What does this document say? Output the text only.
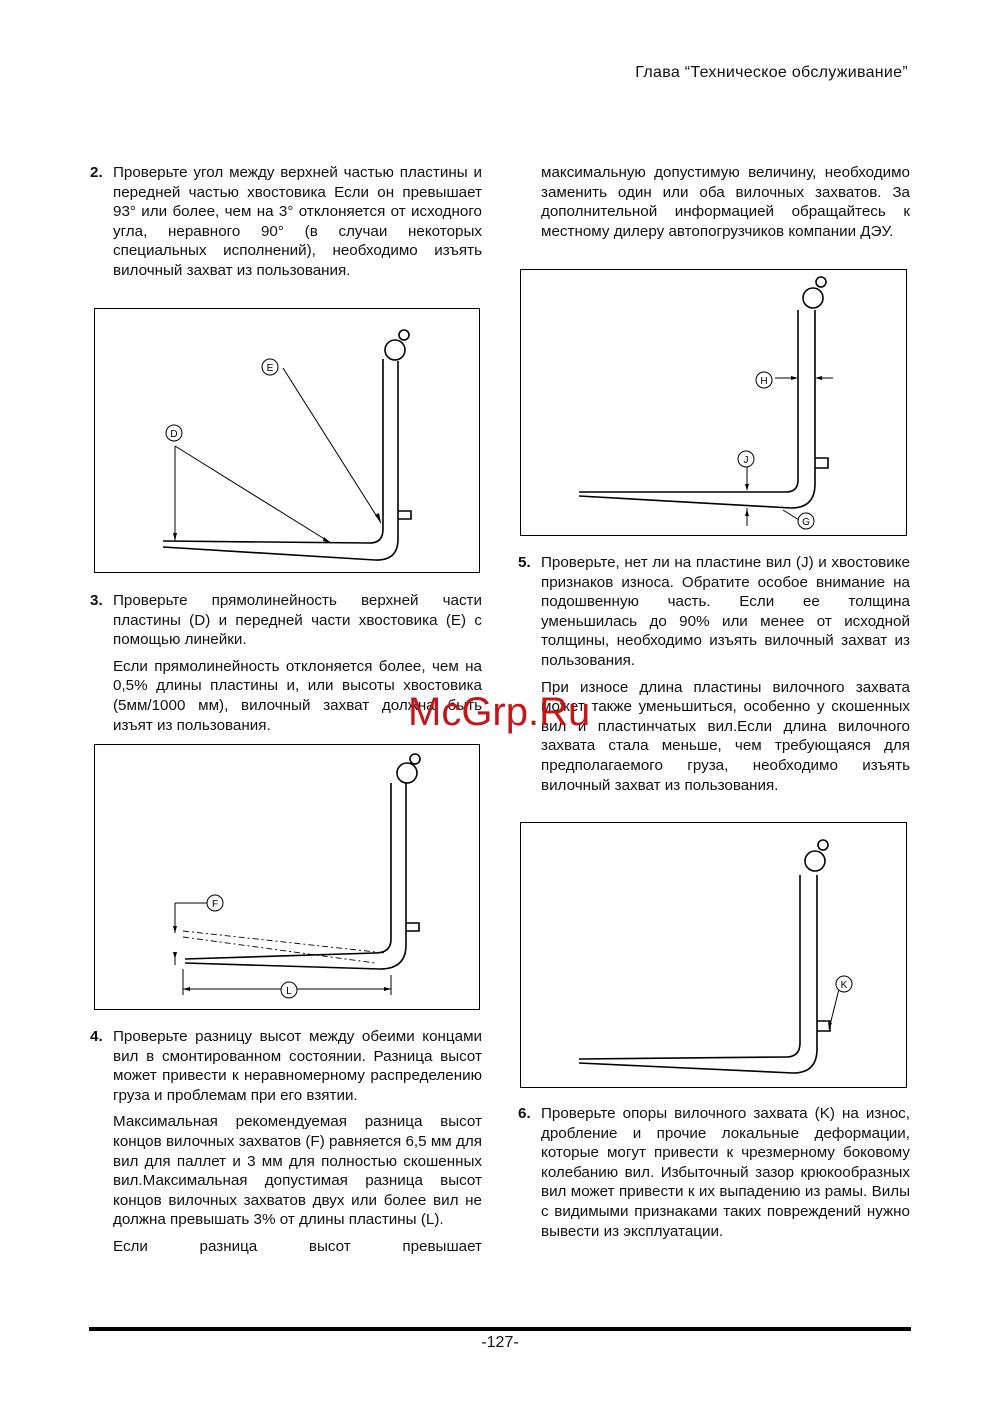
Глава “Техническое обслуживание”
2. Проверьте угол между верхней частью пластины и передней частью хвостовика Если он превышает 93° или более, чем на 3° отклоняется от исходного угла, неравного 90° (в случаи некоторых специальных исполнений), необходимо изъять вилочный захват из пользования.

E
D
3. Проверьте прямолинейность верхней части пластины (D) и передней части хвостовика (E) с помощью линейки.

Если прямолинейность отклоняется более, чем на 0,5% длины пластины и, или высоты хвостовика (5мм/1000 мм), вилочный захват должна быть изъят из пользования.

F
L
4. Проверьте разницу высот между обеими концами вил в смонтированном состоянии. Разница высот может привести к неравномерному распределению груза и проблемам при его взятии.

Максимальная рекомендуемая разница высот концов вилочных захватов (F) равняется 6,5 мм для вил для паллет и 3 мм для полностью скошенных вил.Максимальная допустимая разница высот концов вилочных захватов двух или более вил не должна превышать 3% от длины пластины (L).

Если разница высот превышает

максимальную допустимую величину, необходимо заменить один или оба вилочных захватов. За дополнительной информацией обращайтесь к местному дилеру автопогрузчиков компании ДЭУ.

H
J
G
5. Проверьте, нет ли на пластине вил (J) и хвостовике признаков износа. Обратите особое внимание на подошвенную часть. Если ее толщина уменьшилась до 90% или менее от исходной толщины, необходимо изъять вилочный захват из пользования.

При износе длина пластины вилочного захвата может также уменьшиться, особенно у скошенных вил и пластинчатых вил.Если длина вилочного захвата стала меньше, чем требующаяся для предполагаемого груза, необходимо изъять вилочный захват из пользования.

K
6. Проверьте опоры вилочного захвата (K) на износ, дробление и прочие локальные деформации, которые могут привести к чрезмерному боковому колебанию вил. Избыточный зазор крюкообразных вил может привести к их выпадению из рамы. Вилы с видимыми признаками таких повреждений нужно вывести из эксплуатации.

McGrp.Ru
-127-
